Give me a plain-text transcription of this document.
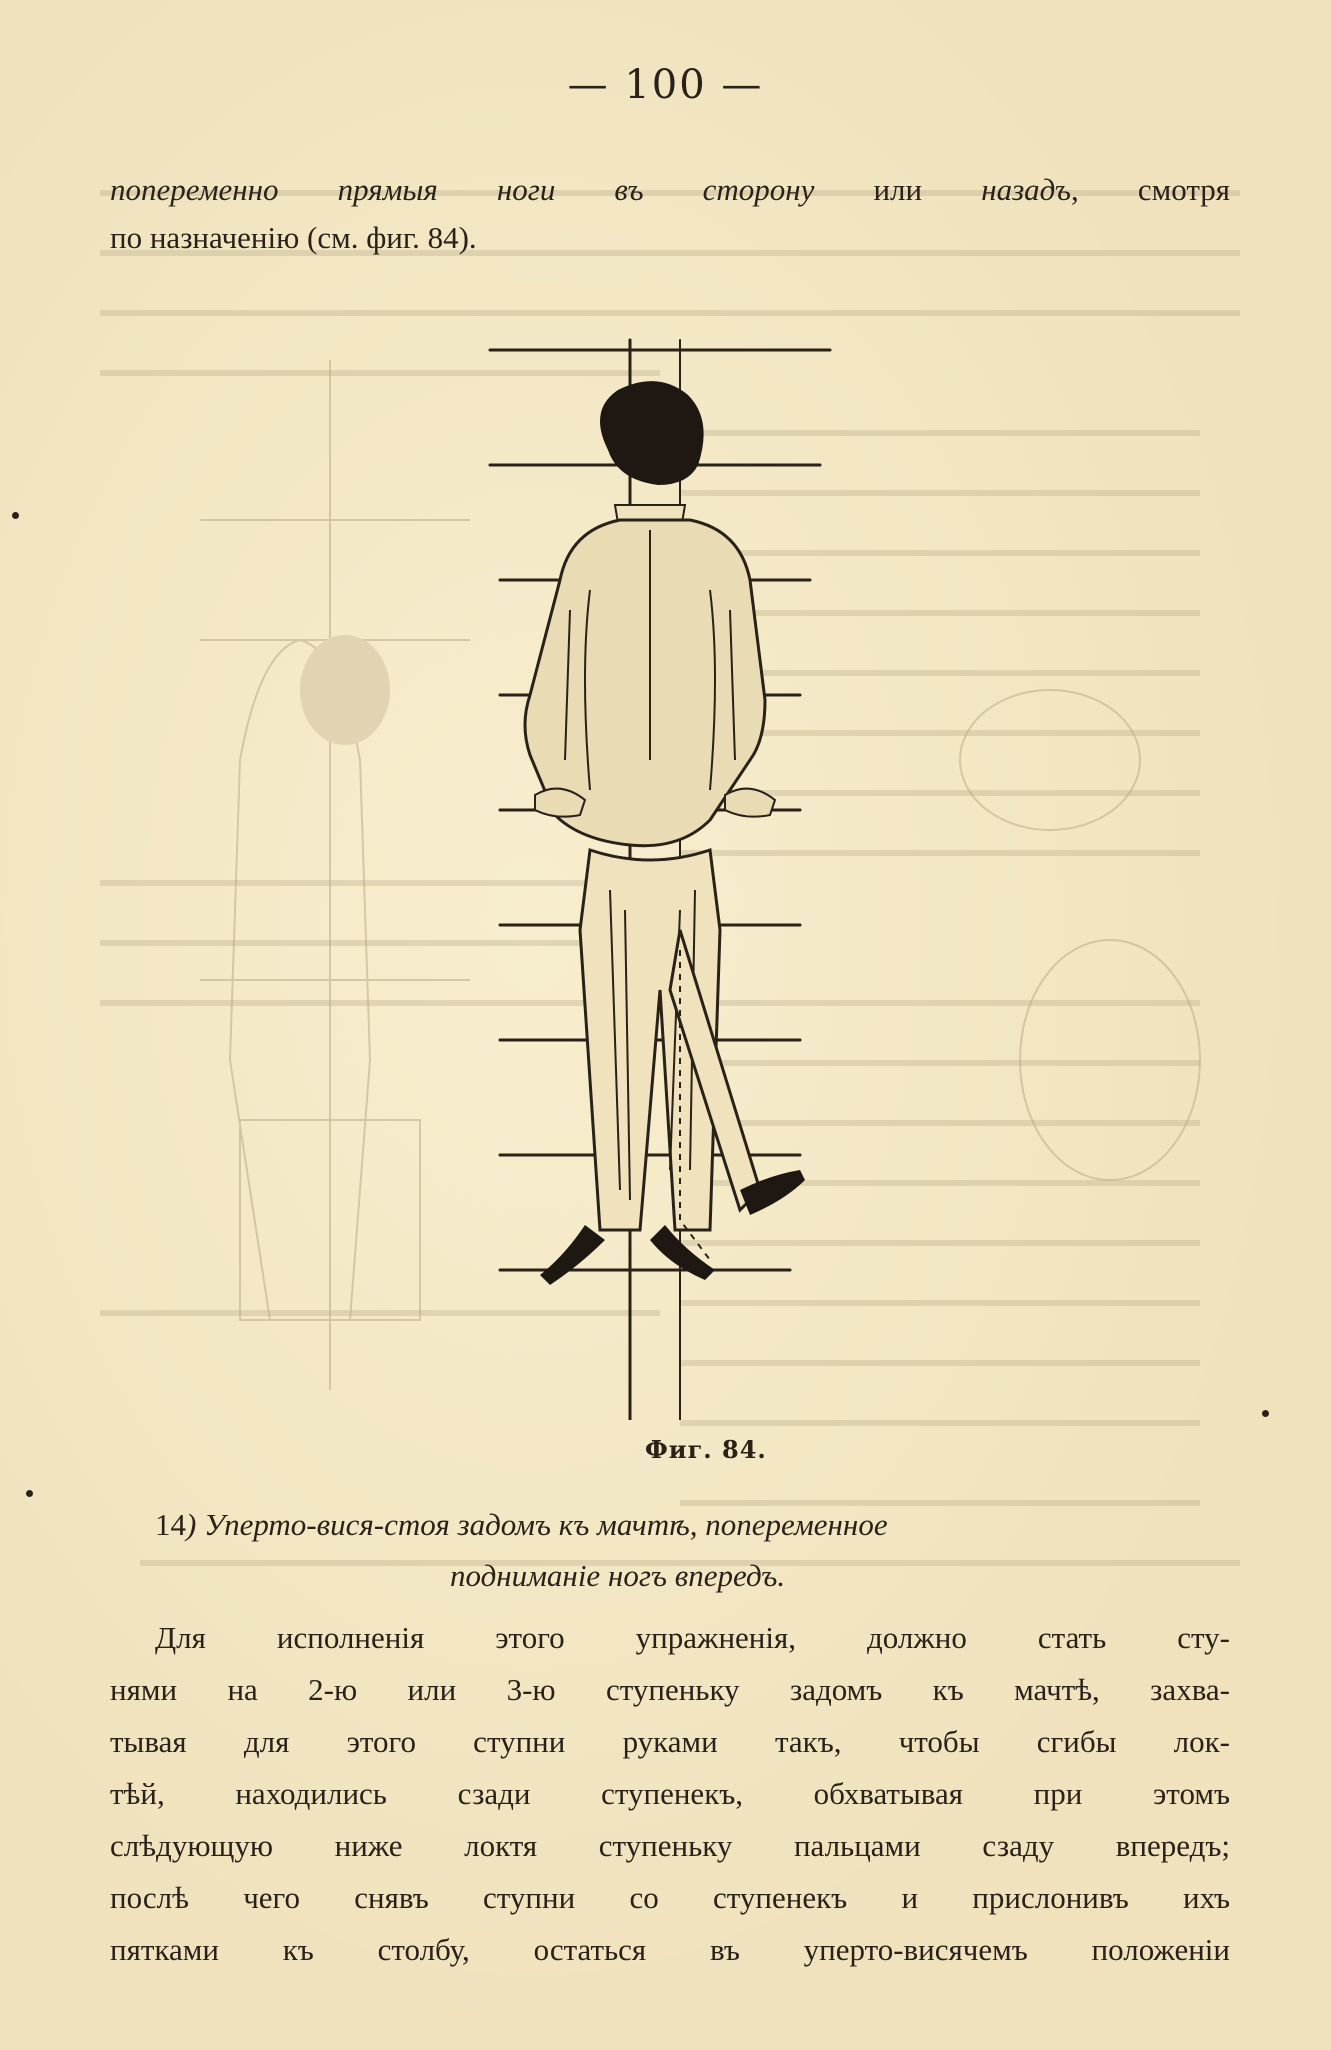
— 100 —
попеременно прямыя ноги въ сторону или назадъ, смотря
по назначенію (см. фиг. 84).
Фиг. 84.
14) Уперто-вися-стоя задомъ къ мачтѣ, попеременное
подниманіе ногъ впередъ.
Для исполненія этого упражненія, должно стать сту-
нями на 2-ю или 3-ю ступеньку задомъ къ мачтѣ, захва-
тывая для этого ступни руками такъ, чтобы сгибы лок-
тѣй, находились сзади ступенекъ, обхватывая при этомъ
слѣдующую ниже локтя ступеньку пальцами сзаду впередъ;
послѣ чего снявъ ступни со ступенекъ и прислонивъ ихъ
пятками къ столбу, остаться въ уперто-висячемъ положеніи
